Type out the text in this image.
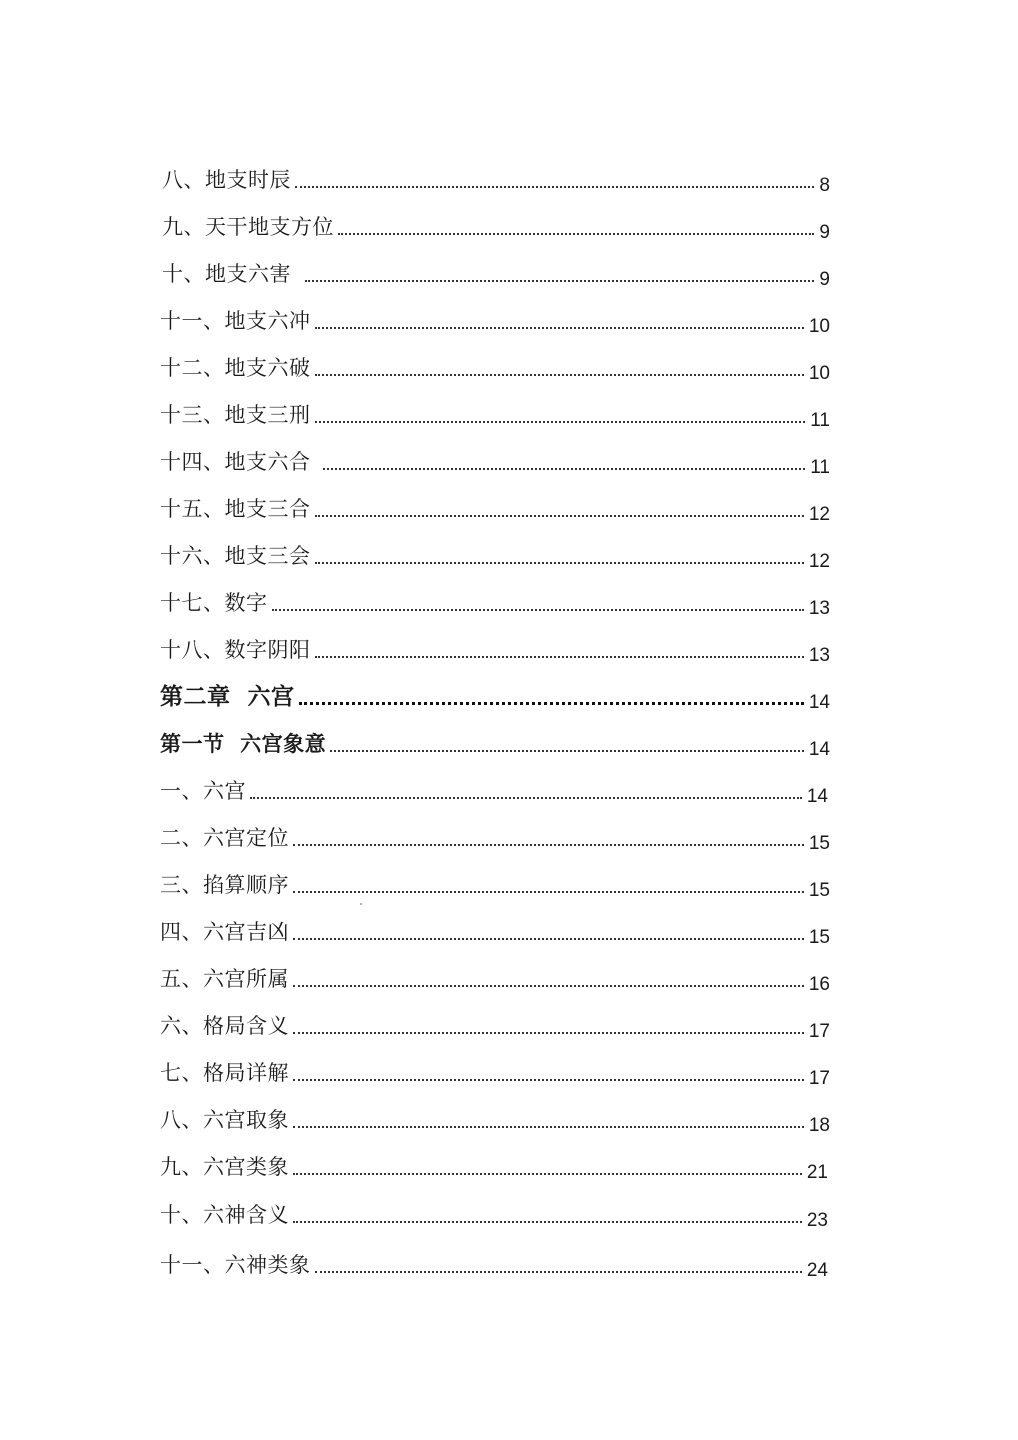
八、地支时辰	8
九、天干地支方位	9
十、地支六害	9
十一、地支六冲	10
十二、地支六破	10
十三、地支三刑	11
十四、地支六合	11
十五、地支三合	12
十六、地支三会	12
十七、数字	13
十八、数字阴阳	13
第二章  六宫	14
第一节  六宫象意	14
一、六宫	14
二、六宫定位	15
三、掐算顺序	15
四、六宫吉凶	15
五、六宫所属	16
六、格局含义	17
七、格局详解	17
八、六宫取象	18
九、六宫类象	21
十、六神含义	23
十一、六神类象	24
